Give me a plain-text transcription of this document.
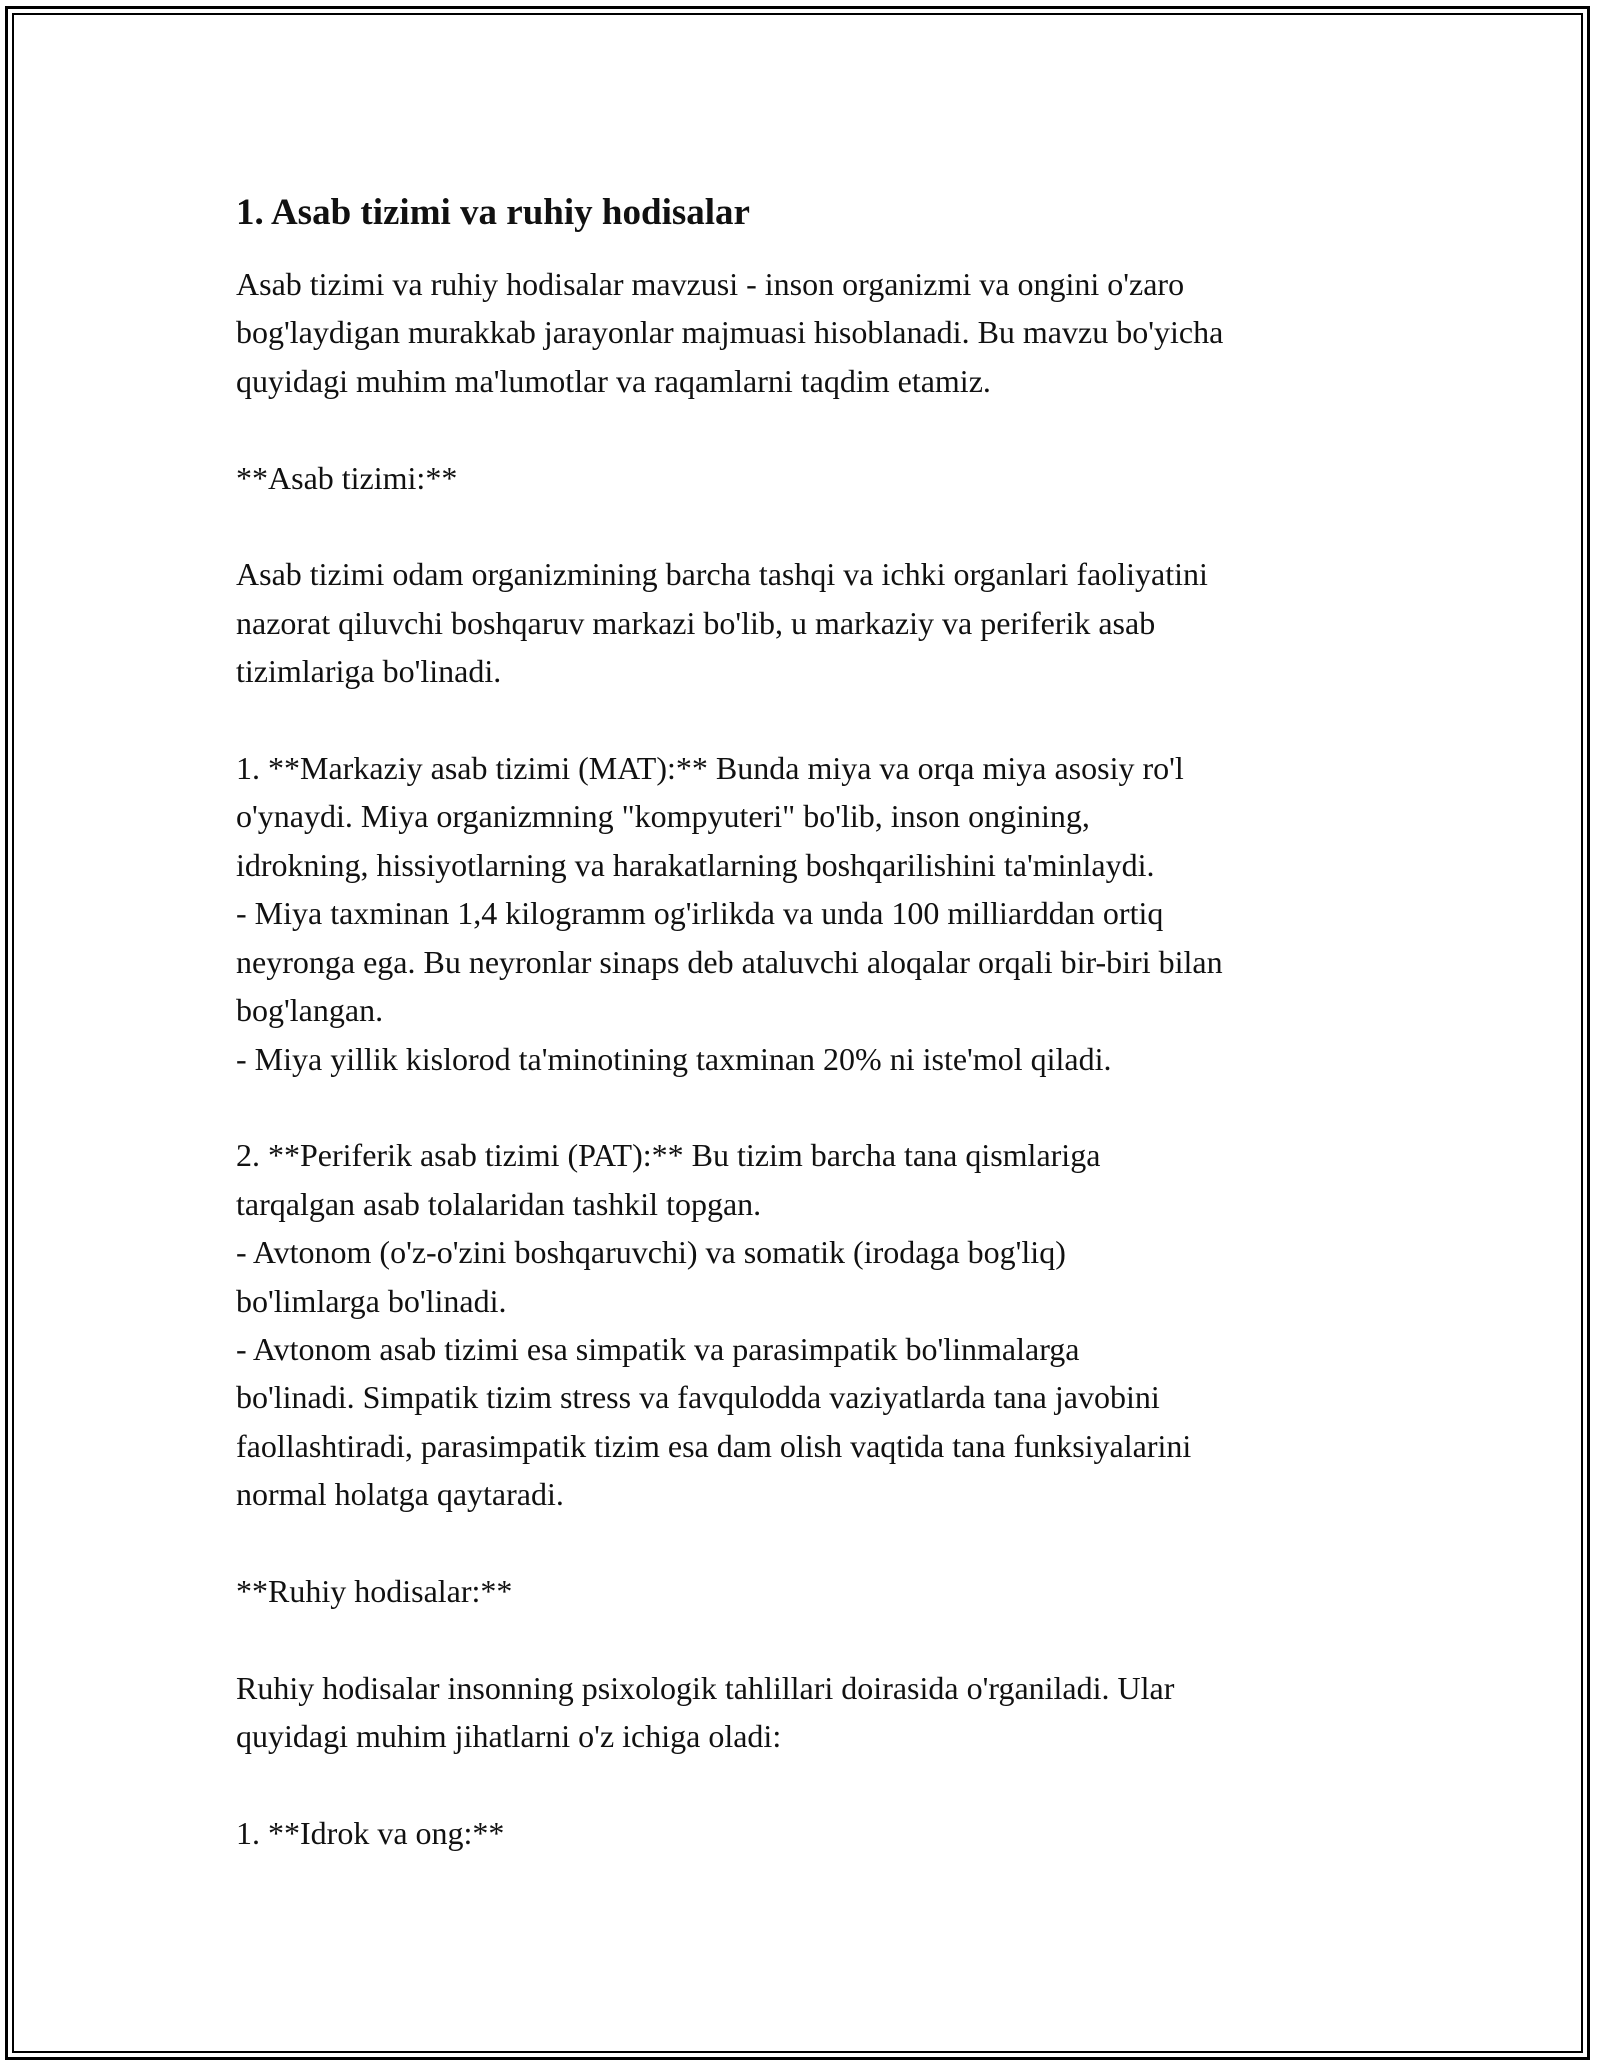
1. Asab tizimi va ruhiy hodisalar

Asab tizimi va ruhiy hodisalar mavzusi - inson organizmi va ongini o'zaro
bog'laydigan murakkab jarayonlar majmuasi hisoblanadi. Bu mavzu bo'yicha
quyidagi muhim ma'lumotlar va raqamlarni taqdim etamiz.

**Asab tizimi:**

Asab tizimi odam organizmining barcha tashqi va ichki organlari faoliyatini
nazorat qiluvchi boshqaruv markazi bo'lib, u markaziy va periferik asab
tizimlariga bo'linadi.

1. **Markaziy asab tizimi (MAT):** Bunda miya va orqa miya asosiy ro'l
o'ynaydi. Miya organizmning "kompyuteri" bo'lib, inson ongining,
idrokning, hissiyotlarning va harakatlarning boshqarilishini ta'minlaydi.
- Miya taxminan 1,4 kilogramm og'irlikda va unda 100 milliarddan ortiq
neyronga ega. Bu neyronlar sinaps deb ataluvchi aloqalar orqali bir-biri bilan
bog'langan.
- Miya yillik kislorod ta'minotining taxminan 20% ni iste'mol qiladi.

2. **Periferik asab tizimi (PAT):** Bu tizim barcha tana qismlariga
tarqalgan asab tolalaridan tashkil topgan.
- Avtonom (o'z-o'zini boshqaruvchi) va somatik (irodaga bog'liq)
bo'limlarga bo'linadi.
- Avtonom asab tizimi esa simpatik va parasimpatik bo'linmalarga
bo'linadi. Simpatik tizim stress va favqulodda vaziyatlarda tana javobini
faollashtiradi, parasimpatik tizim esa dam olish vaqtida tana funksiyalarini
normal holatga qaytaradi.

**Ruhiy hodisalar:**

Ruhiy hodisalar insonning psixologik tahlillari doirasida o'rganiladi. Ular
quyidagi muhim jihatlarni o'z ichiga oladi:

1. **Idrok va ong:**
